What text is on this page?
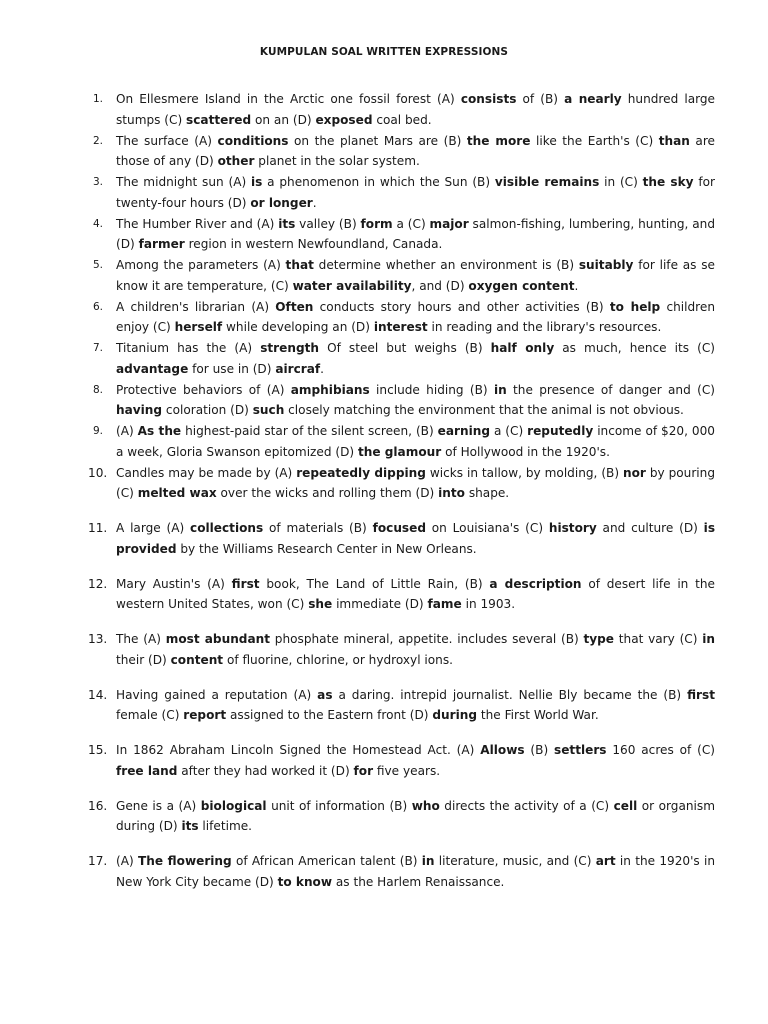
KUMPULAN SOAL WRITTEN EXPRESSIONS
1.	On Ellesmere Island in the Arctic one fossil forest (A) consists of (B) a nearly hundred large stumps (C) scattered on an (D) exposed coal bed.
2.	The surface (A) conditions on the planet Mars are (B) the more like the Earth's (C) than are those of any (D) other planet in the solar system.
3.	The midnight sun (A) is a phenomenon in which the Sun (B) visible remains in (C) the sky for twenty-four hours (D) or longer.
4.	The Humber River and (A) its valley (B) form a (C) major salmon-fishing, lumbering, hunting, and (D) farmer region in western Newfoundland, Canada.
5.	Among the parameters (A) that determine whether an environment is (B) suitably for life as se know it are temperature, (C) water availability, and (D) oxygen content.
6.	A children's librarian (A) Often conducts story hours and other activities (B) to help children enjoy (C) herself while developing an (D) interest in reading and the library's resources.
7.	Titanium has the (A) strength Of steel but weighs (B) half only as much, hence its (C) advantage for use in (D) aircraf.
8.	Protective behaviors of (A) amphibians include hiding (B) in the presence of danger and (C) having coloration (D) such closely matching the environment that the animal is not obvious.
9.	(A) As the highest-paid star of the silent screen, (B) earning a (C) reputedly income of $20, 000 a week, Gloria Swanson epitomized (D) the glamour of Hollywood in the 1920's.
10. Candles may be made by (A) repeatedly dipping wicks in tallow, by molding, (B) nor by pouring (C) melted wax over the wicks and rolling them (D) into shape.
11. A large (A) collections of materials (B) focused on Louisiana's (C) history and culture (D) is provided by the Williams Research Center in New Orleans.
12. Mary Austin's (A) first book, The Land of Little Rain, (B) a description of desert life in the western United States, won (C) she immediate (D) fame in 1903.
13. The (A) most abundant phosphate mineral, appetite. includes several (B) type that vary (C) in their (D) content of fluorine, chlorine, or hydroxyl ions.
14. Having gained a reputation (A) as a daring. intrepid journalist. Nellie Bly became the (B) first female (C) report assigned to the Eastern front (D) during the First World War.
15. In 1862 Abraham Lincoln Signed the Homestead Act. (A) Allows (B) settlers 160 acres of (C) free land after they had worked it (D) for five years.
16. Gene is a (A) biological unit of information (B) who directs the activity of a (C) cell or organism during (D) its lifetime.
17. (A) The flowering of African American talent (B) in literature, music, and (C) art in the 1920's in New York City became (D) to know as the Harlem Renaissance.
